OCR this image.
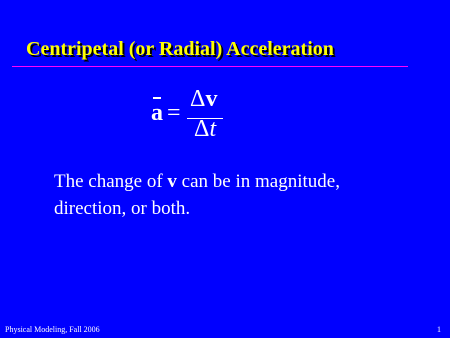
Centripetal (or Radial) Acceleration
a =
Δv
Δt

The change of v can be in magnitude,
direction, or both.

Physical Modeling, Fall 2006	1
